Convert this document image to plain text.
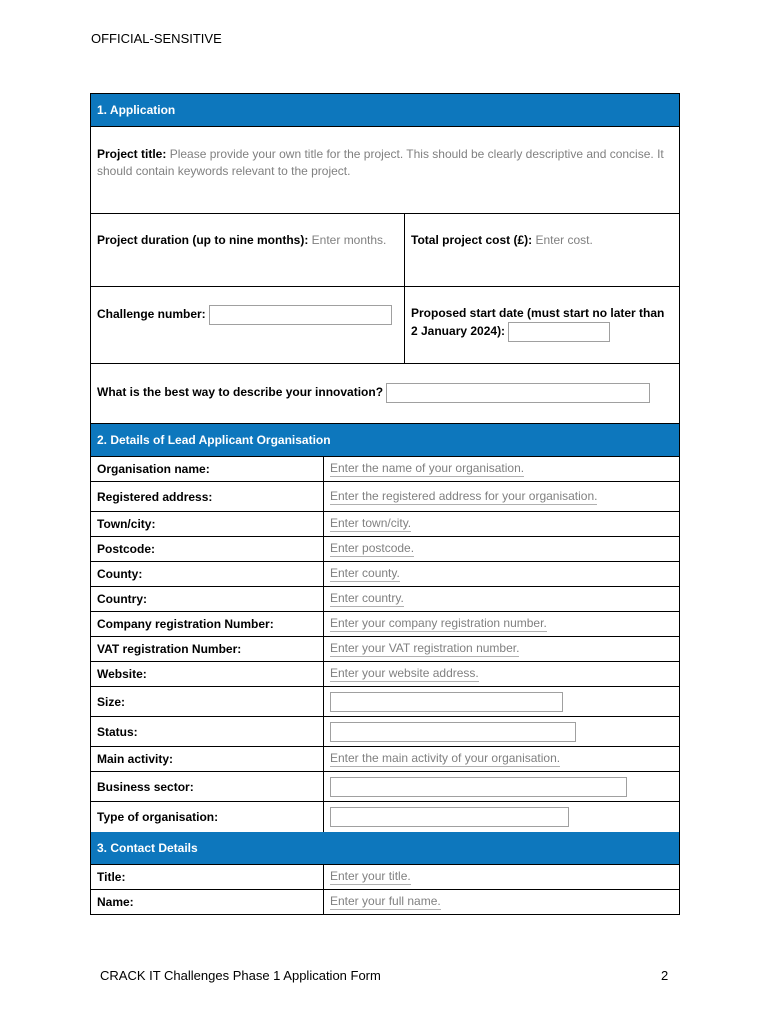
OFFICIAL-SENSITIVE
1. Application
Project title: Please provide your own title for the project. This should be clearly descriptive and concise. It should contain keywords relevant to the project.
Project duration (up to nine months): Enter months.	Total project cost (£): Enter cost.
Challenge number:	Proposed start date (must start no later than 2 January 2024):
What is the best way to describe your innovation?
2. Details of Lead Applicant Organisation
Organisation name:	Enter the name of your organisation.
Registered address:	Enter the registered address for your organisation.
Town/city:	Enter town/city.
Postcode:	Enter postcode.
County:	Enter county.
Country:	Enter country.
Company registration Number:	Enter your company registration number.
VAT registration Number:	Enter your VAT registration number.
Website:	Enter your website address.
Size:
Status:
Main activity:	Enter the main activity of your organisation.
Business sector:
Type of organisation:
3. Contact Details
Title:	Enter your title.
Name:	Enter your full name.
CRACK IT Challenges Phase 1 Application Form	2
